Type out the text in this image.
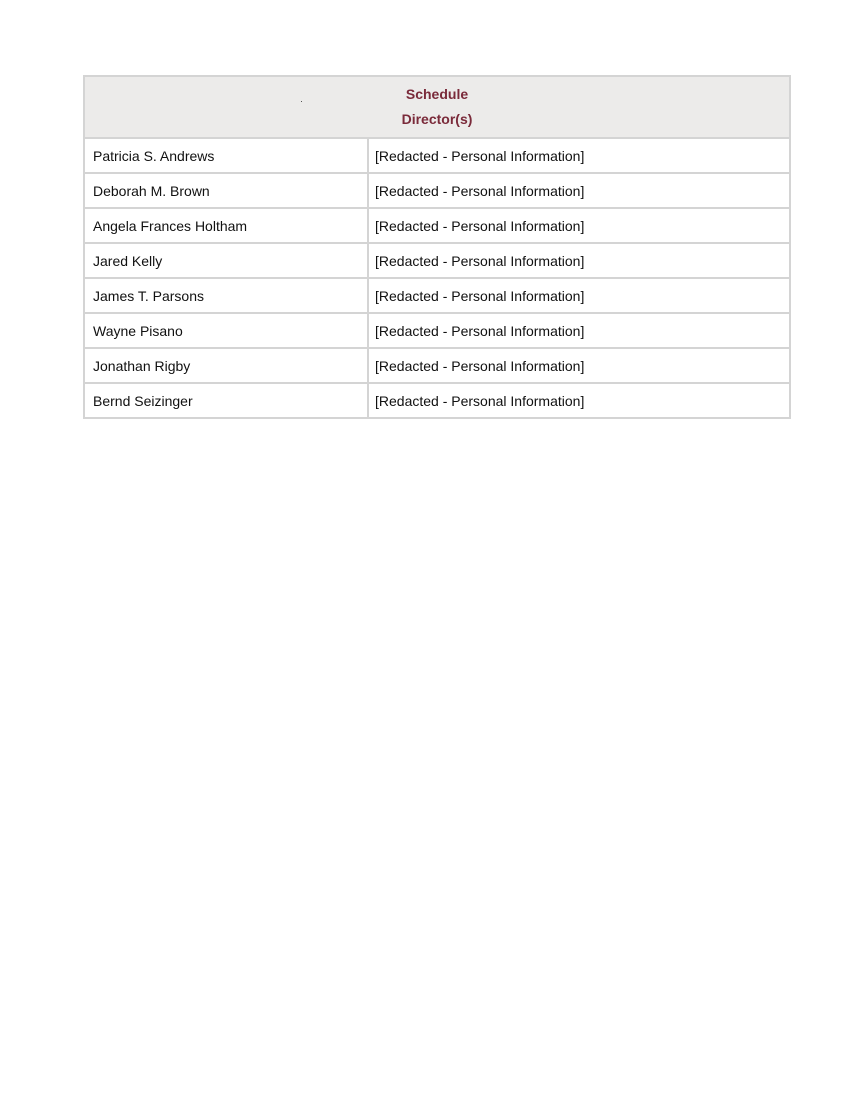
Schedule
Director(s)	

Patricia S. Andrews	[Redacted - Personal Information]
Deborah M. Brown	[Redacted - Personal Information]
Angela Frances Holtham	[Redacted - Personal Information]
Jared Kelly	[Redacted - Personal Information]
James T. Parsons	[Redacted - Personal Information]
Wayne Pisano	[Redacted - Personal Information]
Jonathan Rigby	[Redacted - Personal Information]
Bernd Seizinger	[Redacted - Personal Information]
